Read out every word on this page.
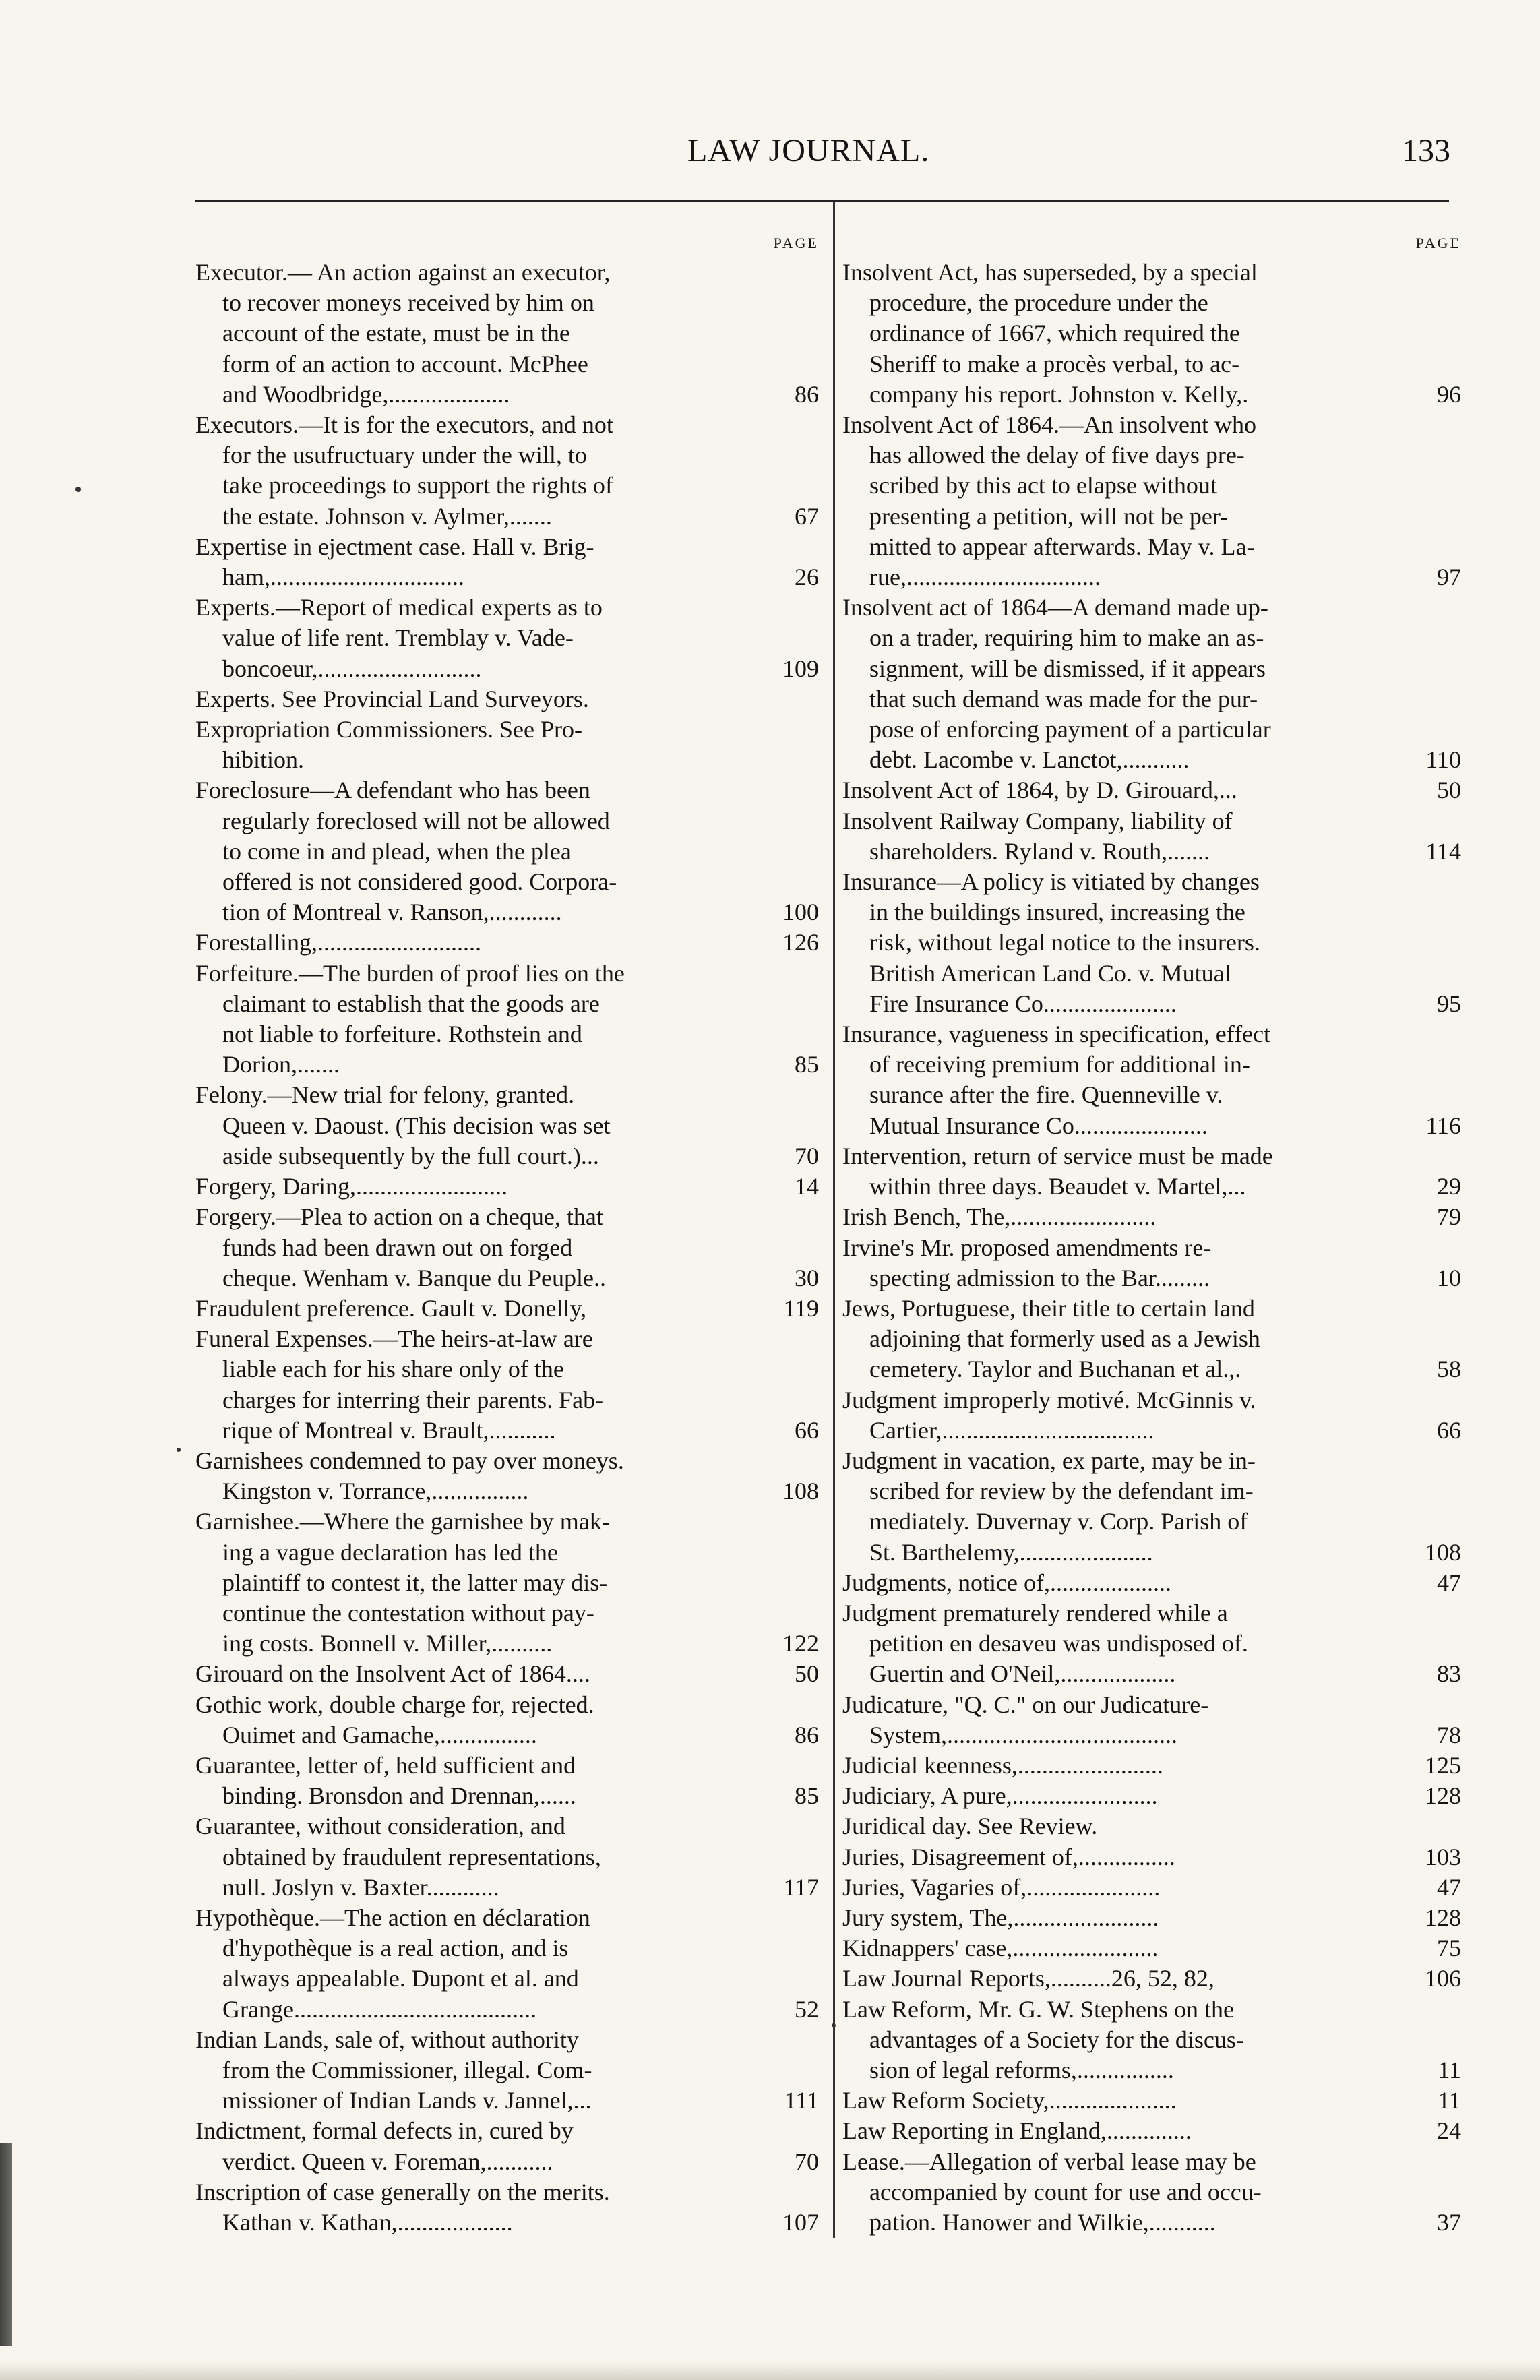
LAW JOURNAL.	133
PAGE
Executor.— An action against an executor,
to recover moneys received by him on
account of the estate, must be in the
form of an action to account. McPhee
and Woodbridge,....................	86
Executors.—It is for the executors, and not
for the usufructuary under the will, to
take proceedings to support the rights of
the estate. Johnson v. Aylmer,.......	67
Expertise in ejectment case. Hall v. Brig-
ham,................................	26
Experts.—Report of medical experts as to
value of life rent. Tremblay v. Vade-
boncoeur,...........................	109
Experts. See Provincial Land Surveyors.
Expropriation Commissioners. See Pro-
hibition.
Foreclosure—A defendant who has been
regularly foreclosed will not be allowed
to come in and plead, when the plea
offered is not considered good. Corpora-
tion of Montreal v. Ranson,............	100
Forestalling,...........................	126
Forfeiture.—The burden of proof lies on the
claimant to establish that the goods are
not liable to forfeiture. Rothstein and
Dorion,.......	85
Felony.—New trial for felony, granted.
Queen v. Daoust. (This decision was set
aside subsequently by the full court.)...	70
Forgery, Daring,.........................	14
Forgery.—Plea to action on a cheque, that
funds had been drawn out on forged
cheque. Wenham v. Banque du Peuple..	30
Fraudulent preference. Gault v. Donelly,	119
Funeral Expenses.—The heirs-at-law are
liable each for his share only of the
charges for interring their parents. Fab-
rique of Montreal v. Brault,...........	66
Garnishees condemned to pay over moneys.
Kingston v. Torrance,................	108
Garnishee.—Where the garnishee by mak-
ing a vague declaration has led the
plaintiff to contest it, the latter may dis-
continue the contestation without pay-
ing costs. Bonnell v. Miller,..........	122
Girouard on the Insolvent Act of 1864....	50
Gothic work, double charge for, rejected.
Ouimet and Gamache,................	86
Guarantee, letter of, held sufficient and
binding. Bronsdon and Drennan,......	85
Guarantee, without consideration, and
obtained by fraudulent representations,
null. Joslyn v. Baxter............	117
Hypothèque.—The action en déclaration
d'hypothèque is a real action, and is
always appealable. Dupont et al. and
Grange........................................	52
Indian Lands, sale of, without authority
from the Commissioner, illegal. Com-
missioner of Indian Lands v. Jannel,...	111
Indictment, formal defects in, cured by
verdict. Queen v. Foreman,...........	70
Inscription of case generally on the merits.
Kathan v. Kathan,...................	107
PAGE
Insolvent Act, has superseded, by a special
procedure, the procedure under the
ordinance of 1667, which required the
Sheriff to make a procès verbal, to ac-
company his report. Johnston v. Kelly,.	96
Insolvent Act of 1864.—An insolvent who
has allowed the delay of five days pre-
scribed by this act to elapse without
presenting a petition, will not be per-
mitted to appear afterwards. May v. La-
rue,................................	97
Insolvent act of 1864—A demand made up-
on a trader, requiring him to make an as-
signment, will be dismissed, if it appears
that such demand was made for the pur-
pose of enforcing payment of a particular
debt. Lacombe v. Lanctot,...........	110
Insolvent Act of 1864, by D. Girouard,...	50
Insolvent Railway Company, liability of
shareholders. Ryland v. Routh,.......	114
Insurance—A policy is vitiated by changes
in the buildings insured, increasing the
risk, without legal notice to the insurers.
British American Land Co. v. Mutual
Fire Insurance Co......................	95
Insurance, vagueness in specification, effect
of receiving premium for additional in-
surance after the fire. Quenneville v.
Mutual Insurance Co......................	116
Intervention, return of service must be made
within three days. Beaudet v. Martel,...	29
Irish Bench, The,........................	79
Irvine's Mr. proposed amendments re-
specting admission to the Bar.........	10
Jews, Portuguese, their title to certain land
adjoining that formerly used as a Jewish
cemetery. Taylor and Buchanan et al.,.	58
Judgment improperly motivé. McGinnis v.
Cartier,...................................	66
Judgment in vacation, ex parte, may be in-
scribed for review by the defendant im-
mediately. Duvernay v. Corp. Parish of
St. Barthelemy,......................	108
Judgments, notice of,....................	47
Judgment prematurely rendered while a
petition en desaveu was undisposed of.
Guertin and O'Neil,...................	83
Judicature, "Q. C." on our Judicature-
System,......................................	78
Judicial keenness,........................	125
Judiciary, A pure,........................	128
Juridical day. See Review.
Juries, Disagreement of,................	103
Juries, Vagaries of,......................	47
Jury system, The,........................	128
Kidnappers' case,........................	75
Law Journal Reports,..........26, 52, 82,	106
Law Reform, Mr. G. W. Stephens on the
advantages of a Society for the discus-
sion of legal reforms,................	11
Law Reform Society,.....................	11
Law Reporting in England,..............	24
Lease.—Allegation of verbal lease may be
accompanied by count for use and occu-
pation. Hanower and Wilkie,...........	37
